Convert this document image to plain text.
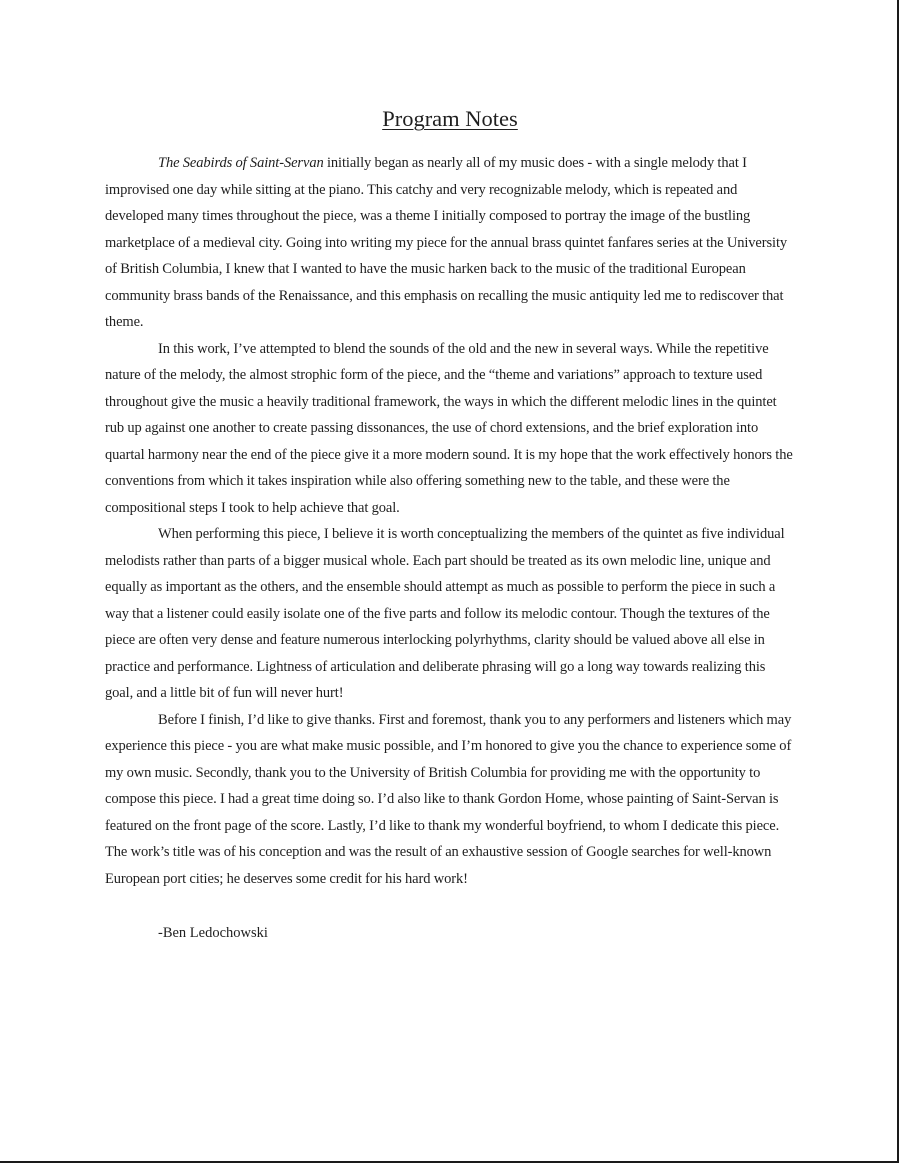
Program Notes

The Seabirds of Saint-Servan initially began as nearly all of my music does - with a single melody that I improvised one day while sitting at the piano. This catchy and very recognizable melody, which is repeated and developed many times throughout the piece, was a theme I initially composed to portray the image of the bustling marketplace of a medieval city. Going into writing my piece for the annual brass quintet fanfares series at the University of British Columbia, I knew that I wanted to have the music harken back to the music of the traditional European community brass bands of the Renaissance, and this emphasis on recalling the music antiquity led me to rediscover that theme.

In this work, I’ve attempted to blend the sounds of the old and the new in several ways. While the repetitive nature of the melody, the almost strophic form of the piece, and the “theme and variations” approach to texture used throughout give the music a heavily traditional framework, the ways in which the different melodic lines in the quintet rub up against one another to create passing dissonances, the use of chord extensions, and the brief exploration into quartal harmony near the end of the piece give it a more modern sound. It is my hope that the work effectively honors the conventions from which it takes inspiration while also offering something new to the table, and these were the compositional steps I took to help achieve that goal.

When performing this piece, I believe it is worth conceptualizing the members of the quintet as five individual melodists rather than parts of a bigger musical whole. Each part should be treated as its own melodic line, unique and equally as important as the others, and the ensemble should attempt as much as possible to perform the piece in such a way that a listener could easily isolate one of the five parts and follow its melodic contour. Though the textures of the piece are often very dense and feature numerous interlocking polyrhythms, clarity should be valued above all else in practice and performance. Lightness of articulation and deliberate phrasing will go a long way towards realizing this goal, and a little bit of fun will never hurt!

Before I finish, I’d like to give thanks. First and foremost, thank you to any performers and listeners which may experience this piece - you are what make music possible, and I’m honored to give you the chance to experience some of my own music. Secondly, thank you to the University of British Columbia for providing me with the opportunity to compose this piece. I had a great time doing so. I’d also like to thank Gordon Home, whose painting of Saint-Servan is featured on the front page of the score. Lastly, I’d like to thank my wonderful boyfriend, to whom I dedicate this piece. The work’s title was of his conception and was the result of an exhaustive session of Google searches for well-known European port cities; he deserves some credit for his hard work!

-Ben Ledochowski
